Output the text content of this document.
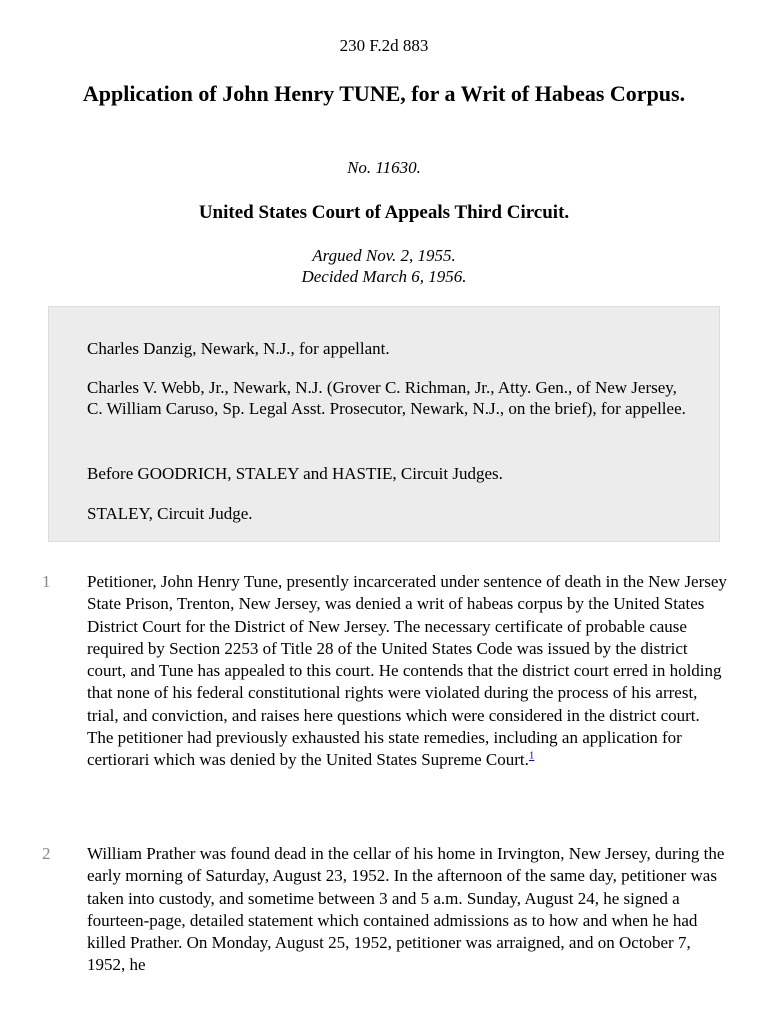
230 F.2d 883
Application of John Henry TUNE, for a Writ of Habeas Corpus.
No. 11630.
United States Court of Appeals Third Circuit.
Argued Nov. 2, 1955.
Decided March 6, 1956.

Charles Danzig, Newark, N.J., for appellant.

Charles V. Webb, Jr., Newark, N.J. (Grover C. Richman, Jr., Atty. Gen., of New Jersey, C. William Caruso, Sp. Legal Asst. Prosecutor, Newark, N.J., on the brief), for appellee.

Before GOODRICH, STALEY and HASTIE, Circuit Judges.

STALEY, Circuit Judge.

1	Petitioner, John Henry Tune, presently incarcerated under sentence of death in the New Jersey State Prison, Trenton, New Jersey, was denied a writ of habeas corpus by the United States District Court for the District of New Jersey. The necessary certificate of probable cause required by Section 2253 of Title 28 of the United States Code was issued by the district court, and Tune has appealed to this court. He contends that the district court erred in holding that none of his federal constitutional rights were violated during the process of his arrest, trial, and conviction, and raises here questions which were considered in the district court. The petitioner had previously exhausted his state remedies, including an application for certiorari which was denied by the United States Supreme Court.$^1$

2	William Prather was found dead in the cellar of his home in Irvington, New Jersey, during the early morning of Saturday, August 23, 1952. In the afternoon of the same day, petitioner was taken into custody, and sometime between 3 and 5 a.m. Sunday, August 24, he signed a fourteen-page, detailed statement which contained admissions as to how and when he had killed Prather. On Monday, August 25, 1952, petitioner was arraigned, and on October 7, 1952, he
